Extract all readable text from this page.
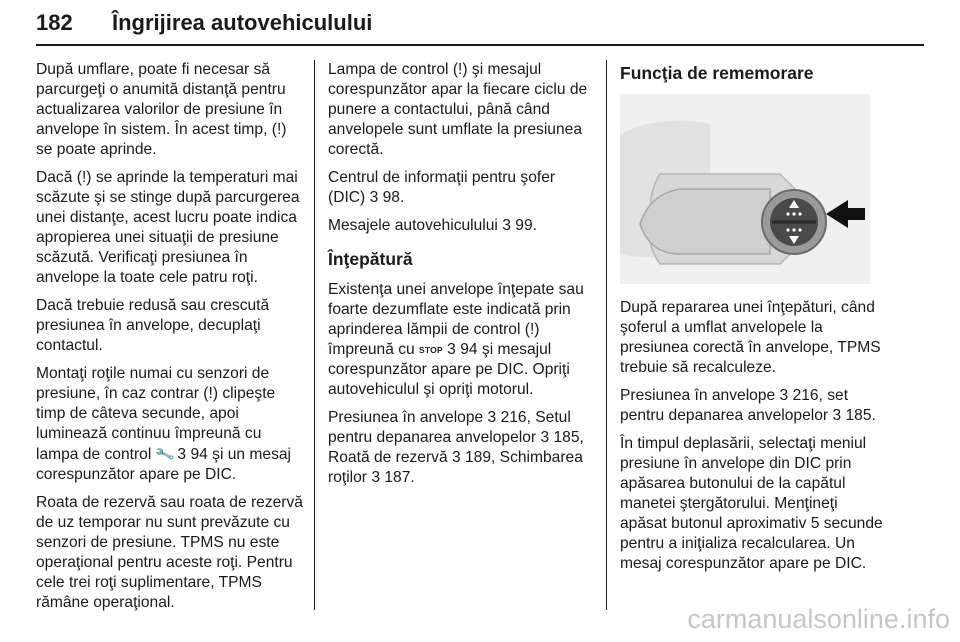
182 Îngrijirea autovehiculului

După umflare, poate fi necesar să parcurgeţi o anumită distanţă pentru actualizarea valorilor de presiune în anvelope în sistem. În acest timp, (!) se poate aprinde.

Dacă (!) se aprinde la temperaturi mai scăzute şi se stinge după parcurgerea unei distanţe, acest lucru poate indica apropierea unei situaţii de presiune scăzută. Verificaţi presiunea în anvelope la toate cele patru roţi.

Dacă trebuie redusă sau crescută presiunea în anvelope, decuplaţi contactul.

Montaţi roţile numai cu senzori de presiune, în caz contrar (!) clipeşte timp de câteva secunde, apoi luminează continuu împreună cu lampa de control 🔧 3 94 şi un mesaj corespunzător apare pe DIC.

Roata de rezervă sau roata de rezervă de uz temporar nu sunt prevăzute cu senzori de presiune. TPMS nu este operaţional pentru aceste roţi. Pentru cele trei roţi suplimentare, TPMS rămâne operaţional.

Lampa de control (!) şi mesajul corespunzător apar la fiecare ciclu de punere a contactului, până când anvelopele sunt umflate la presiunea corectă.

Centrul de informaţii pentru şofer (DIC) 3 98.

Mesajele autovehiculului 3 99.

Înţepătură

Existenţa unei anvelope înţepate sau foarte dezumflate este indicată prin aprinderea lămpii de control (!) împreună cu STOP 3 94 şi mesajul corespunzător apare pe DIC. Opriţi autovehiculul şi opriţi motorul.

Presiunea în anvelope 3 216, Setul pentru depanarea anvelopelor 3 185, Roată de rezervă 3 189, Schimbarea roţilor 3 187.

Funcţia de rememorare

După repararea unei înţepături, când şoferul a umflat anvelopele la presiunea corectă în anvelope, TPMS trebuie să recalculeze.

Presiunea în anvelope 3 216, set pentru depanarea anvelopelor 3 185.

În timpul deplasării, selectaţi meniul presiune în anvelope din DIC prin apăsarea butonului de la capătul manetei ştergătorului. Menţineţi apăsat butonul aproximativ 5 secunde pentru a iniţializa recalcularea. Un mesaj corespunzător apare pe DIC.

carmanualsonline.info
